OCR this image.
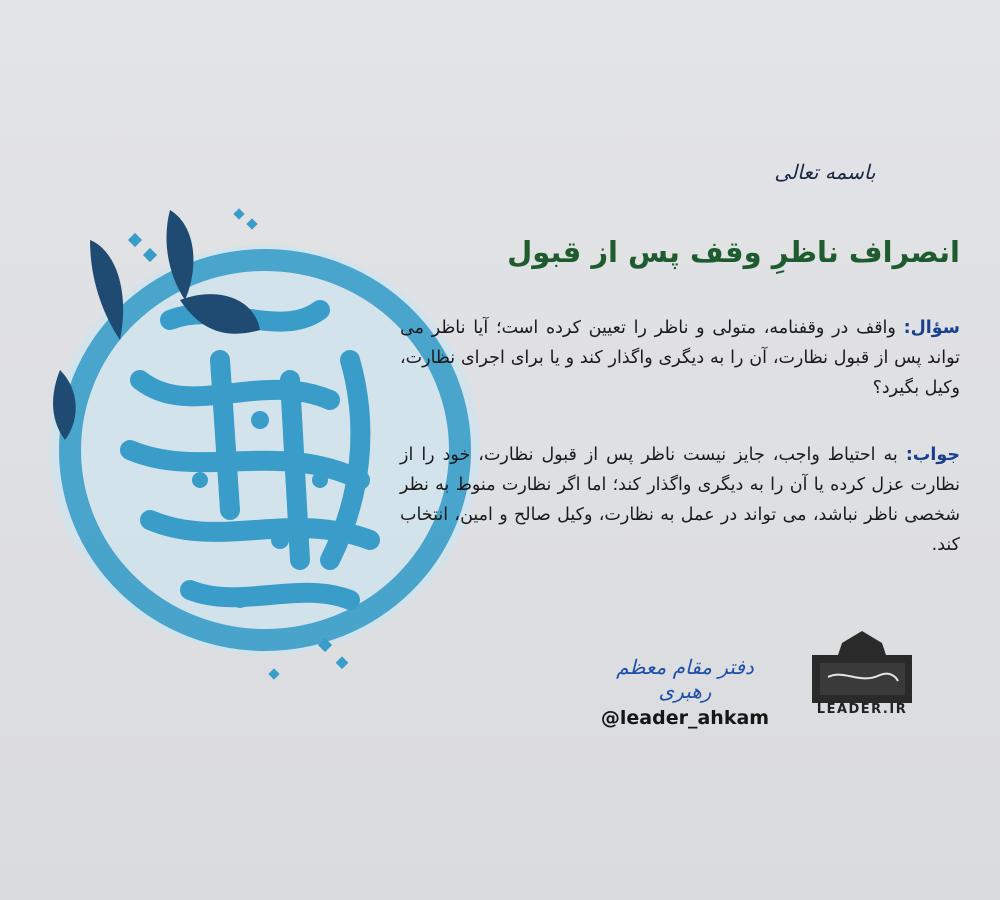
باسمه تعالی
انصراف ناظرِ وقف پس از قبول
سؤال: واقف در وقفنامه، متولی و ناظر را تعیین کرده است؛ آیا ناظر می تواند پس از قبول نظارت، آن را به دیگری واگذار کند و یا برای اجرای نظارت، وکیل بگیرد؟
جواب: به احتیاط واجب، جایز نیست ناظر پس از قبول نظارت، خود را از نظارت عزل کرده یا آن را به دیگری واگذار کند؛ اما اگر نظارت منوط به نظر شخصی ناظر نباشد، می تواند در عمل به نظارت، وکیل صالح و امین، انتخاب کند.
دفتر مقام معظم رهبری
@leader_ahkam	LEADER.IR
